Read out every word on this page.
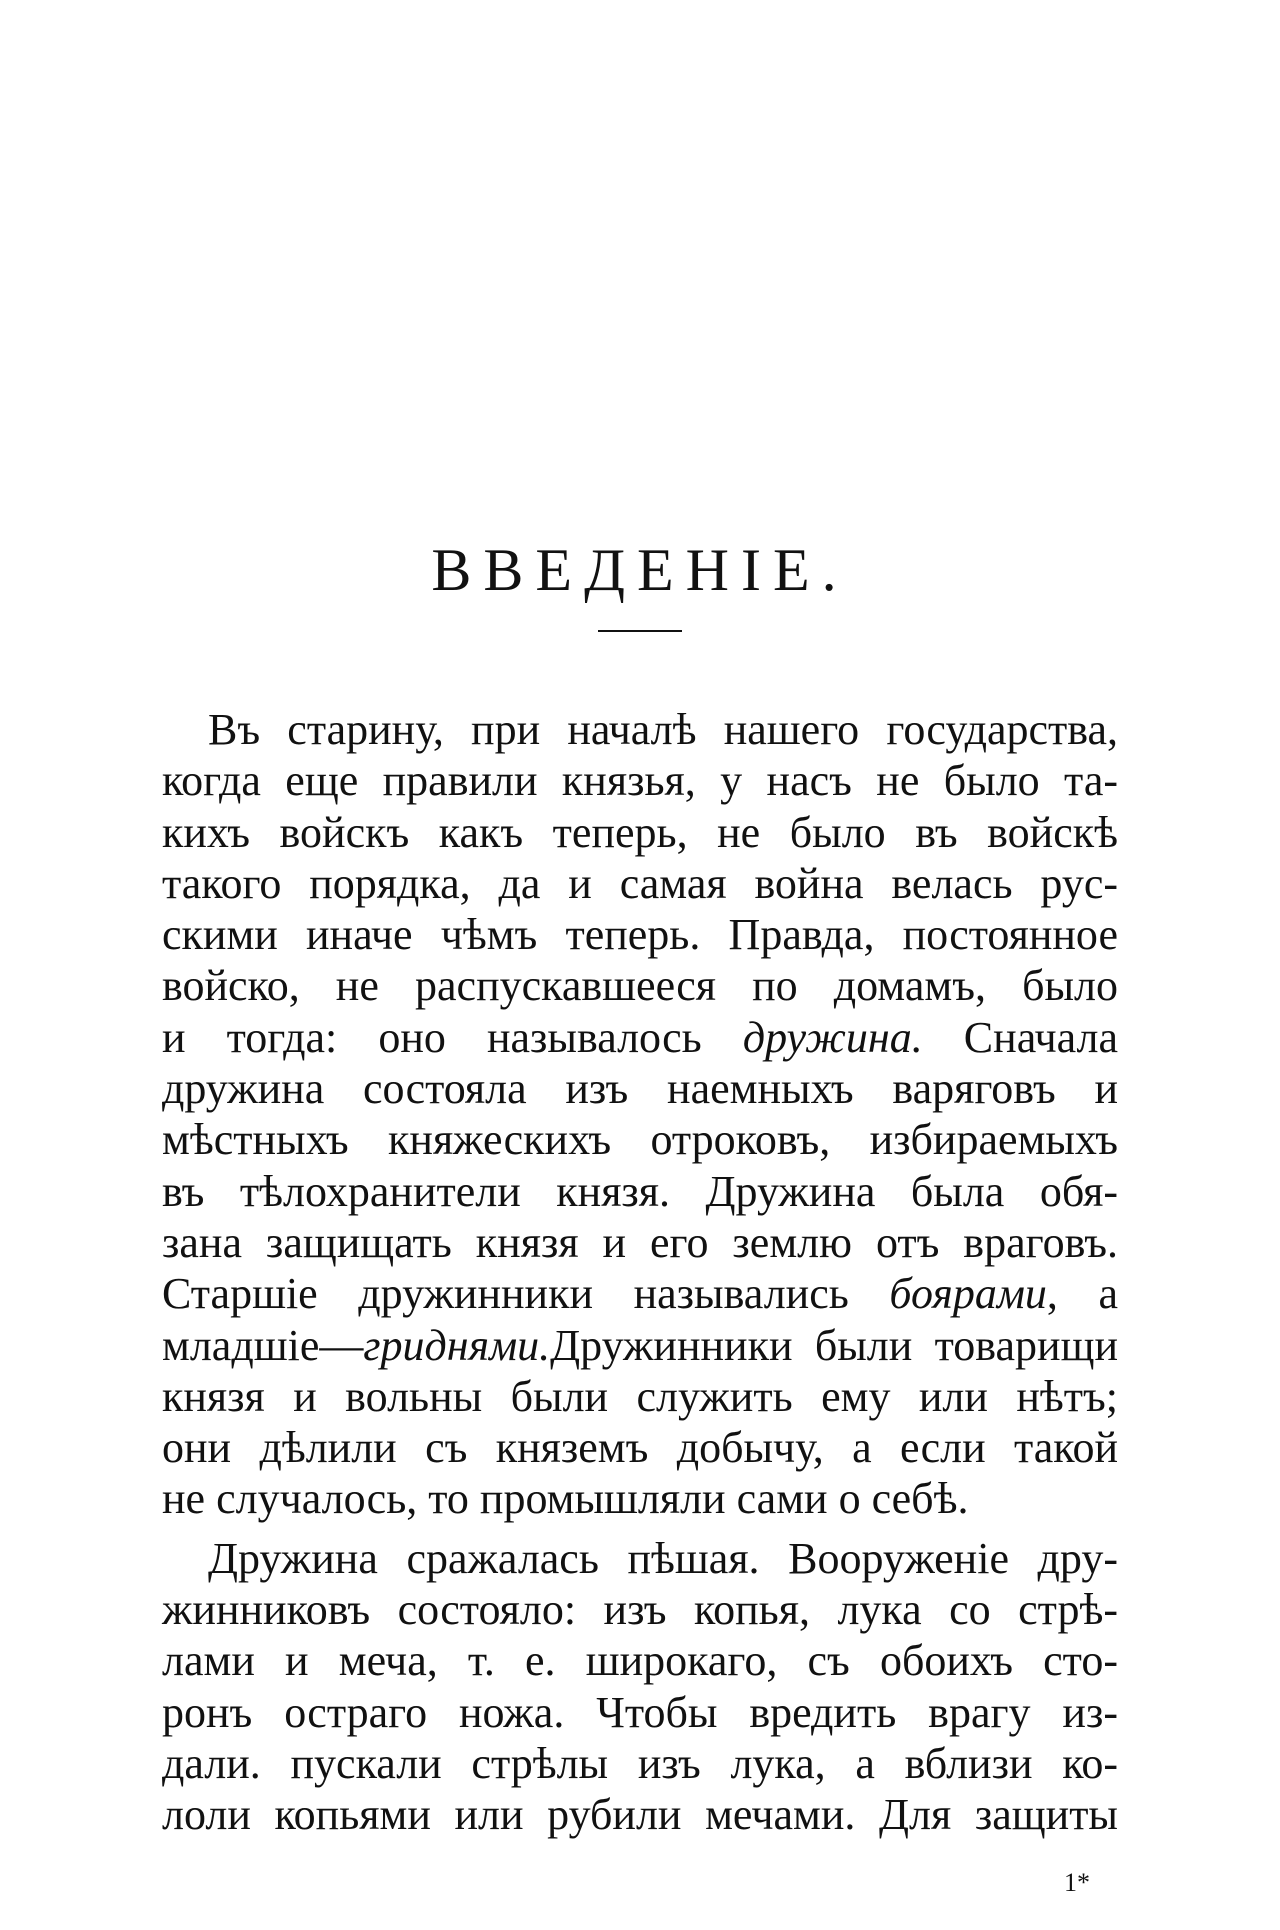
ВВЕДЕНIЕ.
Въ старину, при началѣ нашего государства,
когда еще правили князья, у насъ не было та-
кихъ войскъ какъ теперь, не было въ войскѣ
такого порядка, да и самая война велась рус-
скими иначе чѣмъ теперь. Правда, постоянное
войско, не распускавшееся по домамъ, было
и тогда: оно называлось дружина. Сначала
дружина состояла изъ наемныхъ варяговъ и
мѣстныхъ княжескихъ отроковъ, избираемыхъ
въ тѣлохранители князя. Дружина была обя-
зана защищать князя и его землю отъ враговъ.
Старшiе дружинники назывались боярами, а
младшiе—гриднями.Дружинники были товарищи
князя и вольны были служить ему или нѣтъ;
они дѣлили съ княземъ добычу, а если такой
не случалось, то промышляли сами о себѣ.
Дружина сражалась пѣшая. Вооруженiе дру-
жинниковъ состояло: изъ копья, лука со стрѣ-
лами и меча, т. е. широкаго, съ обоихъ сто-
ронъ остраго ножа. Чтобы вредить врагу из-
дали. пускали стрѣлы изъ лука, а вблизи ко-
лоли копьями или рубили мечами. Для защиты
1*
